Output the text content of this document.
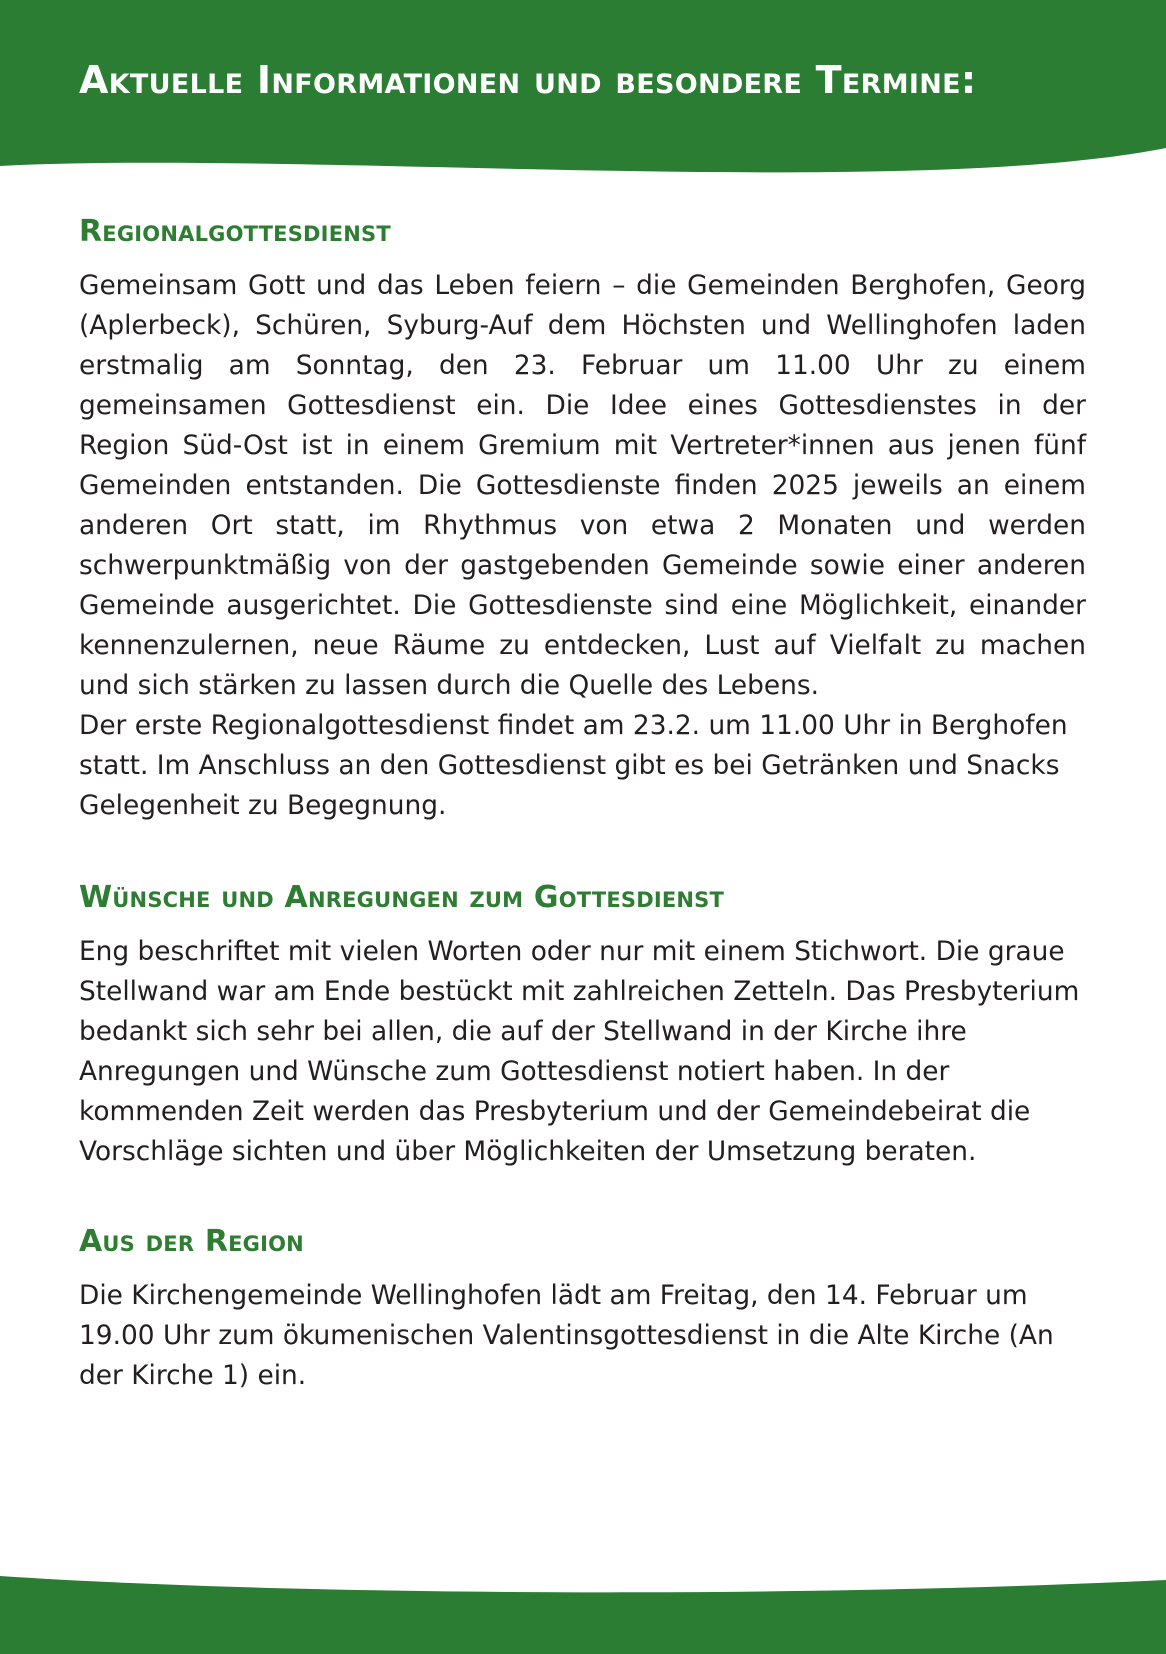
Aktuelle Informationen und besondere Termine:
Regionalgottesdienst

Gemeinsam Gott und das Leben feiern – die Gemeinden Berghofen, Georg (Aplerbeck), Schüren, Syburg-Auf dem Höchsten und Wellinghofen laden erstmalig am Sonntag, den 23. Februar um 11.00 Uhr zu einem gemeinsamen Gottesdienst ein. Die Idee eines Gottesdienstes in der Region Süd-Ost ist in einem Gremium mit Vertreter*innen aus jenen fünf Gemeinden entstanden. Die Gottesdienste finden 2025 jeweils an einem anderen Ort statt, im Rhythmus von etwa 2 Monaten und werden schwerpunktmäßig von der gastgebenden Gemeinde sowie einer anderen Gemeinde ausgerichtet. Die Gottesdienste sind eine Möglichkeit, einander kennenzulernen, neue Räume zu entdecken, Lust auf Vielfalt zu machen und sich stärken zu lassen durch die Quelle des Lebens.

Der erste Regionalgottesdienst findet am 23.2. um 11.00 Uhr in Berghofen statt. Im Anschluss an den Gottesdienst gibt es bei Getränken und Snacks Gelegenheit zu Begegnung.

Wünsche und Anregungen zum Gottesdienst

Eng beschriftet mit vielen Worten oder nur mit einem Stichwort. Die graue Stellwand war am Ende bestückt mit zahlreichen Zetteln. Das Presbyterium bedankt sich sehr bei allen, die auf der Stellwand in der Kirche ihre Anregungen und Wünsche zum Gottesdienst notiert haben. In der kommenden Zeit werden das Presbyterium und der Gemeindebeirat die Vorschläge sichten und über Möglichkeiten der Umsetzung beraten.

Aus der Region

Die Kirchengemeinde Wellinghofen lädt am Freitag, den 14. Februar um 19.00 Uhr zum ökumenischen Valentinsgottesdienst in die Alte Kirche (An der Kirche 1) ein.
